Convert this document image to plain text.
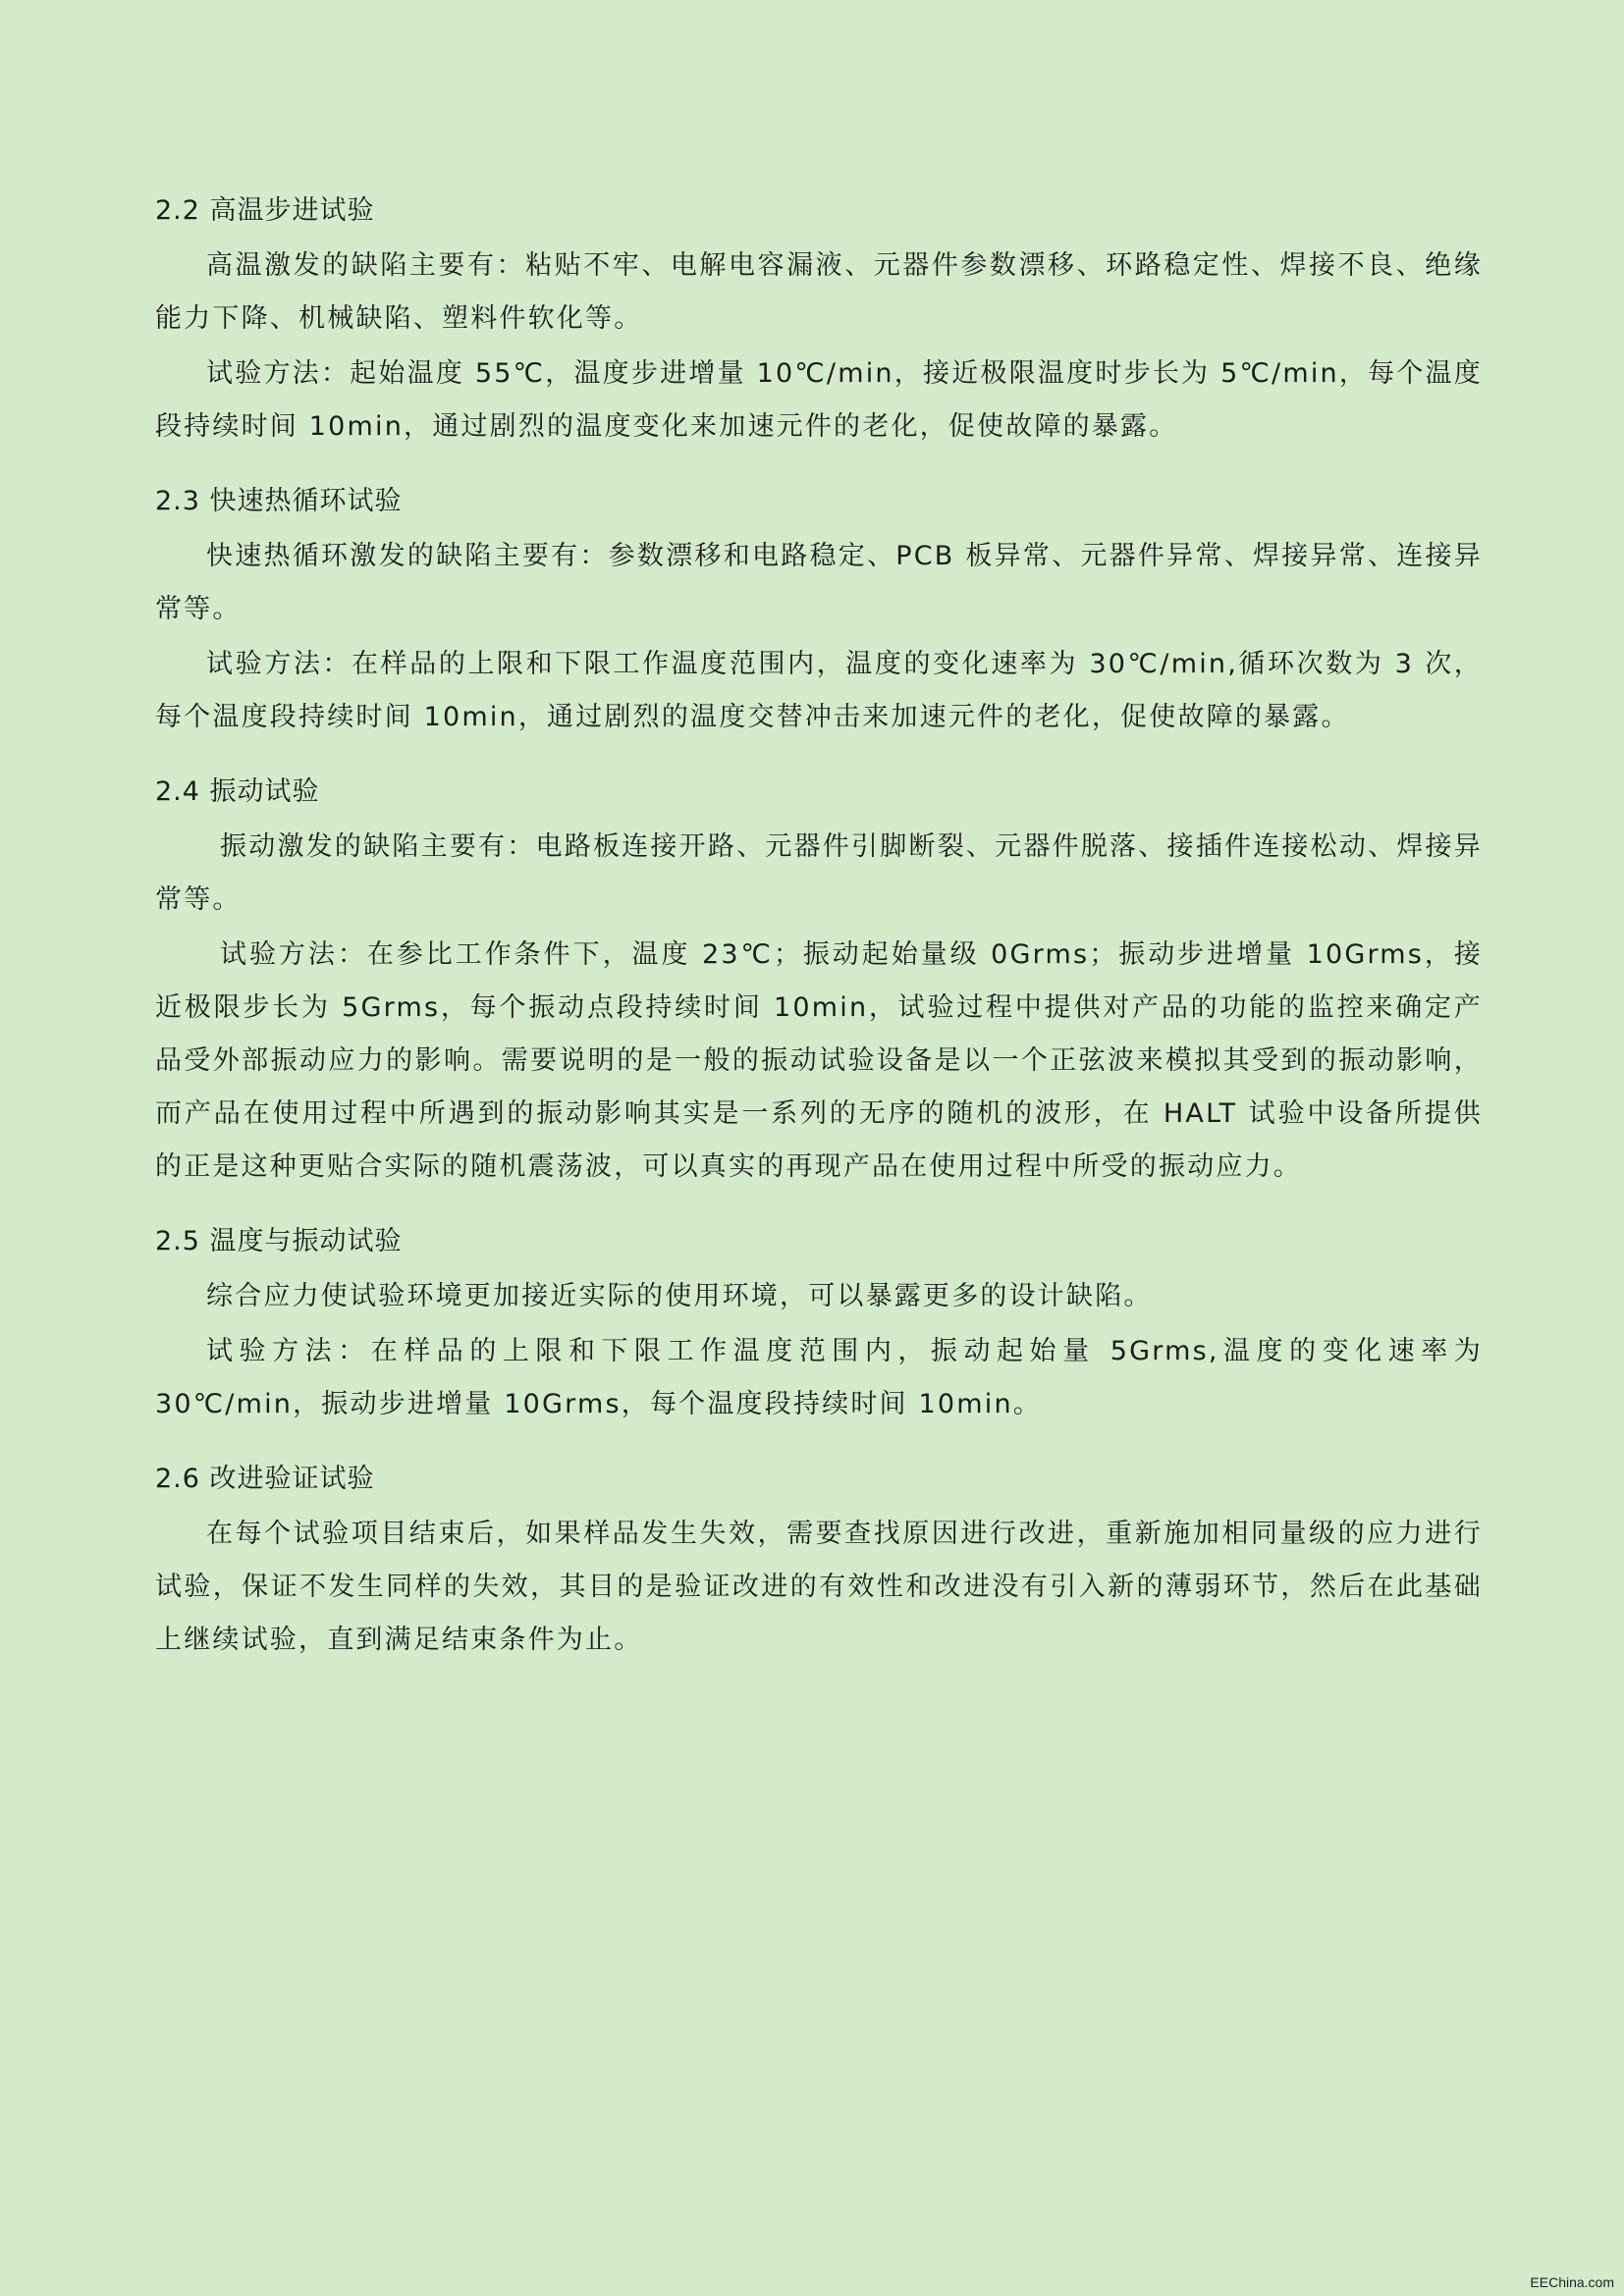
2.2 高温步进试验

高温激发的缺陷主要有：粘贴不牢、电解电容漏液、元器件参数漂移、环路稳定性、焊接不良、绝缘能力下降、机械缺陷、塑料件软化等。

试验方法：起始温度 55℃，温度步进增量 10℃/min，接近极限温度时步长为 5℃/min，每个温度段持续时间 10min，通过剧烈的温度变化来加速元件的老化，促使故障的暴露。

2.3 快速热循环试验

快速热循环激发的缺陷主要有：参数漂移和电路稳定、PCB 板异常、元器件异常、焊接异常、连接异常等。

试验方法：在样品的上限和下限工作温度范围内，温度的变化速率为 30℃/min,循环次数为 3 次，每个温度段持续时间 10min，通过剧烈的温度交替冲击来加速元件的老化，促使故障的暴露。

2.4 振动试验

振动激发的缺陷主要有：电路板连接开路、元器件引脚断裂、元器件脱落、接插件连接松动、焊接异常等。

试验方法：在参比工作条件下，温度 23℃；振动起始量级 0Grms；振动步进增量 10Grms，接近极限步长为 5Grms，每个振动点段持续时间 10min，试验过程中提供对产品的功能的监控来确定产品受外部振动应力的影响。需要说明的是一般的振动试验设备是以一个正弦波来模拟其受到的振动影响，而产品在使用过程中所遇到的振动影响其实是一系列的无序的随机的波形，在 HALT 试验中设备所提供的正是这种更贴合实际的随机震荡波，可以真实的再现产品在使用过程中所受的振动应力。

2.5 温度与振动试验

综合应力使试验环境更加接近实际的使用环境，可以暴露更多的设计缺陷。

试验方法：在样品的上限和下限工作温度范围内，振动起始量 5Grms,温度的变化速率为 30℃/min，振动步进增量 10Grms，每个温度段持续时间 10min。

2.6 改进验证试验

在每个试验项目结束后，如果样品发生失效，需要查找原因进行改进，重新施加相同量级的应力进行试验，保证不发生同样的失效，其目的是验证改进的有效性和改进没有引入新的薄弱环节，然后在此基础上继续试验，直到满足结束条件为止。

EEChina.com
